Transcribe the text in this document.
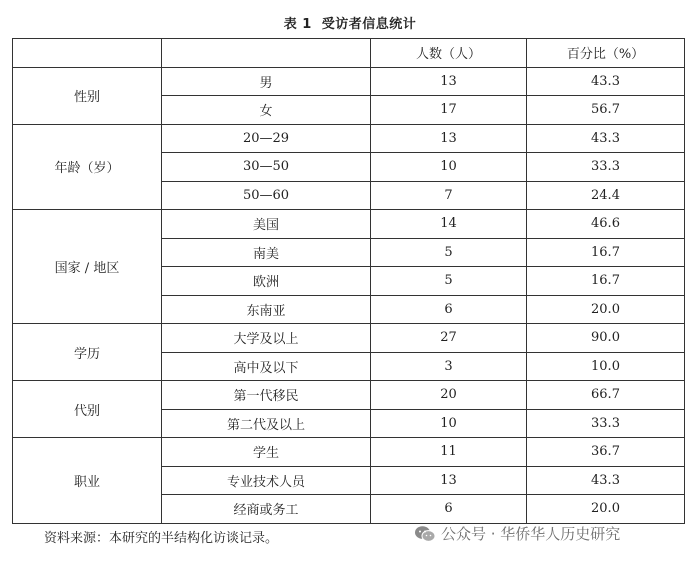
表 1 受访者信息统计
		人数（人）	百分比（%）
性别	男	13	43.3
	女	17	56.7
年龄（岁）	20—29	13	43.3
	30—50	10	33.3
	50—60	7	24.4
国家 / 地区	美国	14	46.6
	南美	5	16.7
	欧洲	5	16.7
	东南亚	6	20.0
学历	大学及以上	27	90.0
	高中及以下	3	10.0
代别	第一代移民	20	66.7
	第二代及以上	10	33.3
职业	学生	11	36.7
	专业技术人员	13	43.3
	经商或务工	6	20.0
资料来源：本研究的半结构化访谈记录。	公众号 · 华侨华人历史研究
